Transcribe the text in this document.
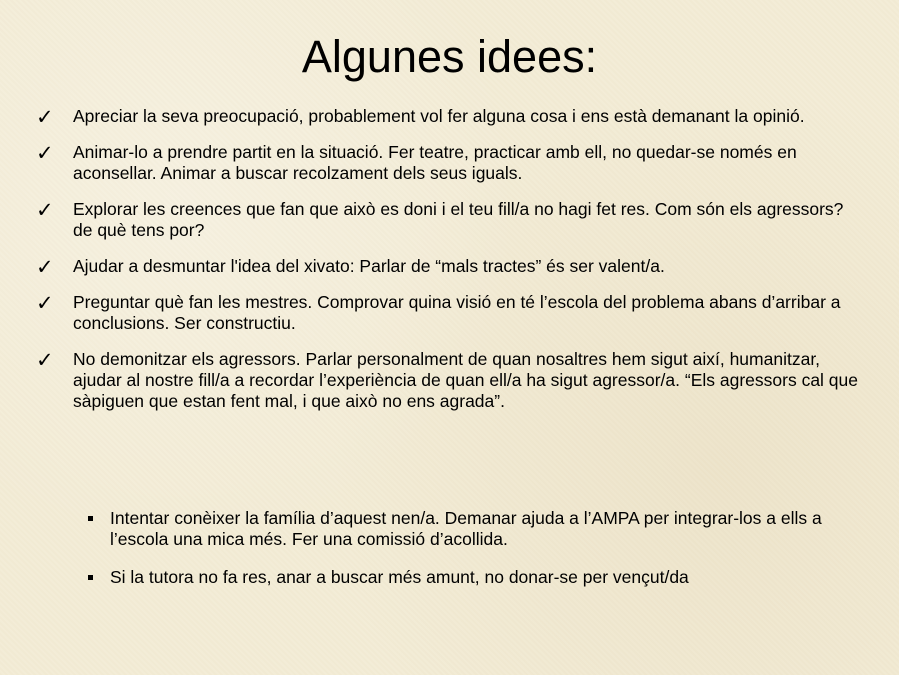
Algunes idees:
✓ Apreciar la seva preocupació, probablement vol fer alguna cosa i ens està demanant la opinió.
✓ Animar-lo a prendre partit en la situació. Fer teatre, practicar amb ell, no quedar-se només en aconsellar. Animar a buscar recolzament dels seus iguals.
✓ Explorar les creences que fan que això es doni i el teu fill/a no hagi fet res. Com són els agressors? de què tens por?
✓ Ajudar a desmuntar l'idea del xivato: Parlar de “mals tractes” és ser valent/a.
✓ Preguntar què fan les mestres. Comprovar quina visió en té l’escola del problema abans d’arribar a conclusions. Ser constructiu.
✓ No demonitzar els agressors. Parlar personalment de quan nosaltres hem sigut així, humanitzar, ajudar al nostre fill/a a recordar l’experiència de quan ell/a ha sigut agressor/a. “Els agressors cal que sàpiguen que estan fent mal, i que això no ens agrada”.
Intentar conèixer la família d’aquest nen/a. Demanar ajuda a l’AMPA per integrar-los a ells a l’escola una mica més. Fer una comissió d’acollida.
Si la tutora no fa res, anar a buscar més amunt, no donar-se per vençut/da
